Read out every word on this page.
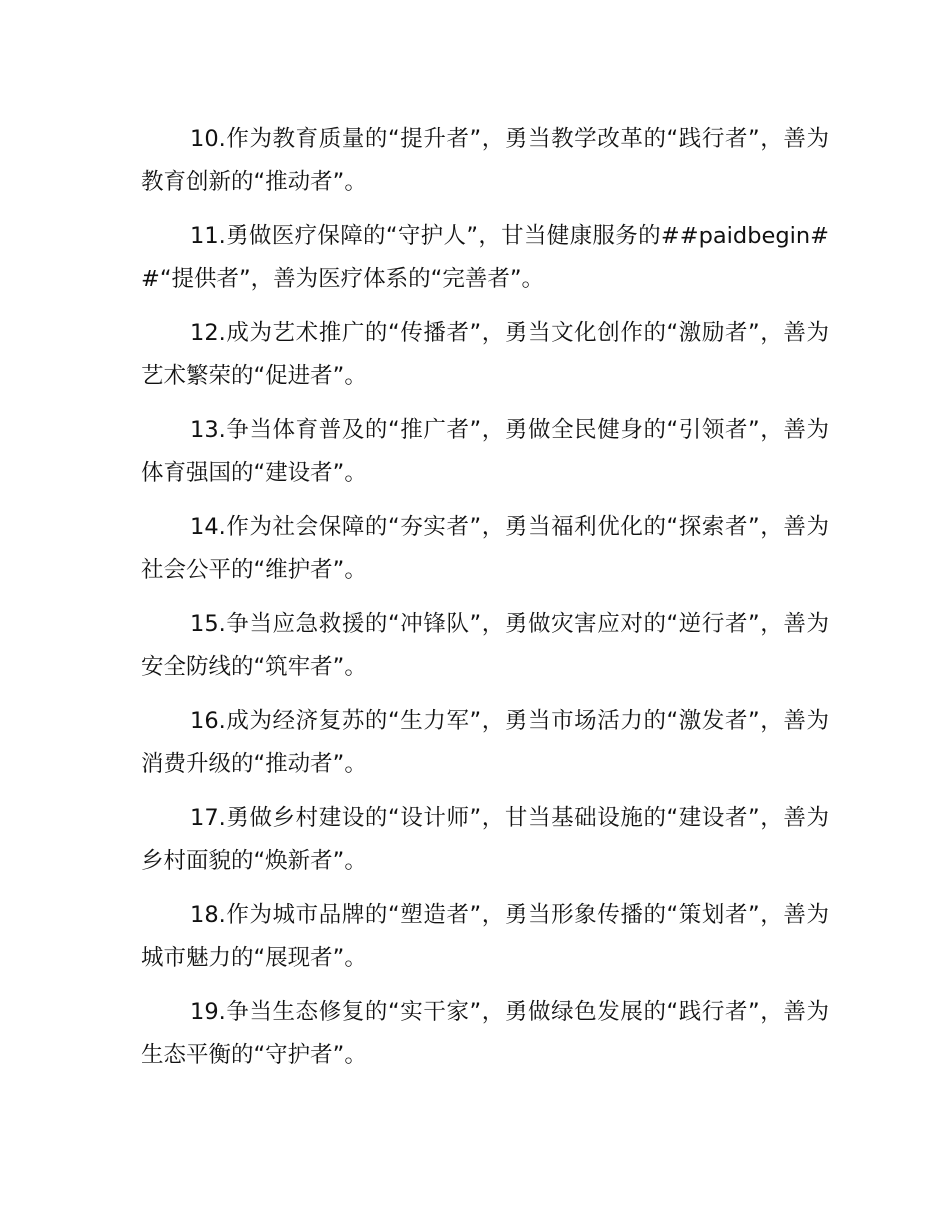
10.作为教育质量的“提升者”，勇当教学改革的“践行者”，善为教育创新的“推动者”。

11.勇做医疗保障的“守护人”，甘当健康服务的##paidbegin##“提供者”，善为医疗体系的“完善者”。

12.成为艺术推广的“传播者”，勇当文化创作的“激励者”，善为艺术繁荣的“促进者”。

13.争当体育普及的“推广者”，勇做全民健身的“引领者”，善为体育强国的“建设者”。

14.作为社会保障的“夯实者”，勇当福利优化的“探索者”，善为社会公平的“维护者”。

15.争当应急救援的“冲锋队”，勇做灾害应对的“逆行者”，善为安全防线的“筑牢者”。

16.成为经济复苏的“生力军”，勇当市场活力的“激发者”，善为消费升级的“推动者”。

17.勇做乡村建设的“设计师”，甘当基础设施的“建设者”，善为乡村面貌的“焕新者”。

18.作为城市品牌的“塑造者”，勇当形象传播的“策划者”，善为城市魅力的“展现者”。

19.争当生态修复的“实干家”，勇做绿色发展的“践行者”，善为生态平衡的“守护者”。
